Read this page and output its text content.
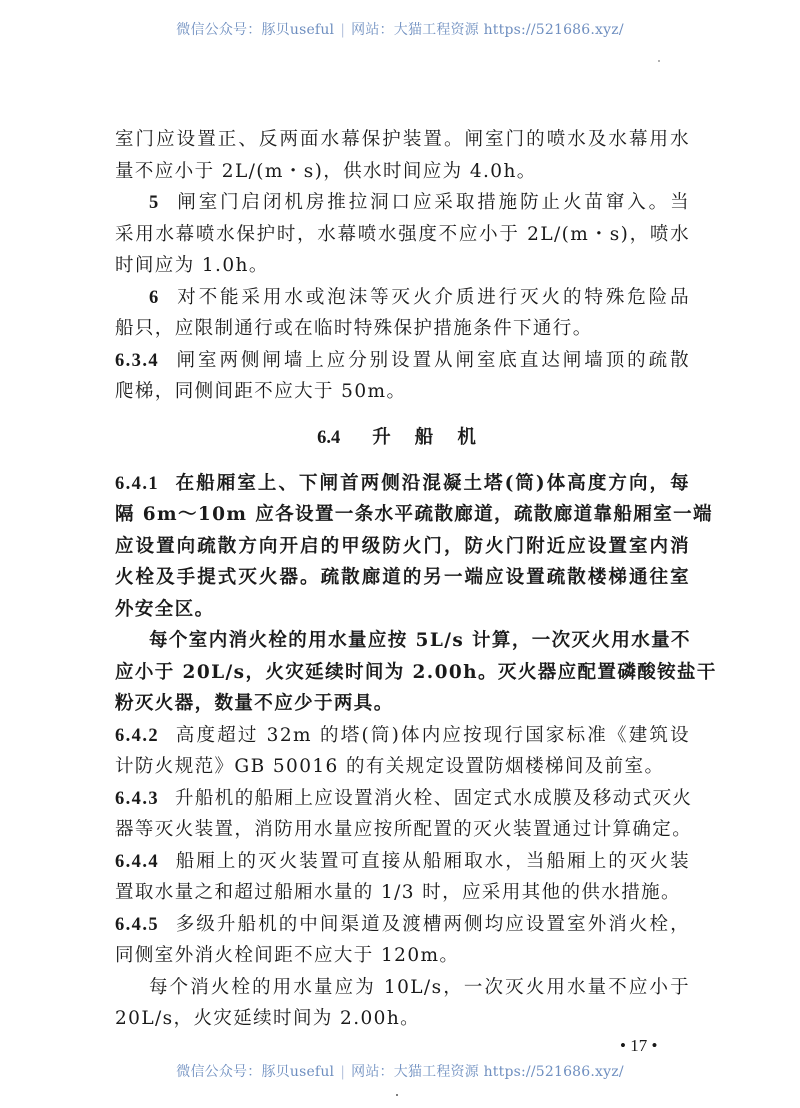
微信公众号：豚贝useful | 网站：大猫工程资源 https://521686.xyz/
室门应设置正、反两面水幕保护装置。闸室门的喷水及水幕用水
量不应小于 2L/(m・s)，供水时间应为 4.0h。
5 闸室门启闭机房推拉洞口应采取措施防止火苗窜入。当
采用水幕喷水保护时，水幕喷水强度不应小于 2L/(m・s)，喷水
时间应为 1.0h。
6 对不能采用水或泡沫等灭火介质进行灭火的特殊危险品
船只，应限制通行或在临时特殊保护措施条件下通行。
6.3.4 闸室两侧闸墙上应分别设置从闸室底直达闸墙顶的疏散
爬梯，同侧间距不应大于 50m。
6.4 升 船 机
6.4.1 在船厢室上、下闸首两侧沿混凝土塔(筒)体高度方向，每
隔 6m～10m 应各设置一条水平疏散廊道，疏散廊道靠船厢室一端
应设置向疏散方向开启的甲级防火门，防火门附近应设置室内消
火栓及手提式灭火器。疏散廊道的另一端应设置疏散楼梯通往室
外安全区。
每个室内消火栓的用水量应按 5L/s 计算，一次灭火用水量不
应小于 20L/s，火灾延续时间为 2.00h。灭火器应配置磷酸铵盐干
粉灭火器，数量不应少于两具。
6.4.2 高度超过 32m 的塔(筒)体内应按现行国家标准《建筑设
计防火规范》GB 50016 的有关规定设置防烟楼梯间及前室。
6.4.3 升船机的船厢上应设置消火栓、固定式水成膜及移动式灭火
器等灭火装置，消防用水量应按所配置的灭火装置通过计算确定。
6.4.4 船厢上的灭火装置可直接从船厢取水，当船厢上的灭火装
置取水量之和超过船厢水量的 1/3 时，应采用其他的供水措施。
6.4.5 多级升船机的中间渠道及渡槽两侧均应设置室外消火栓，
同侧室外消火栓间距不应大于 120m。
每个消火栓的用水量应为 10L/s，一次灭火用水量不应小于
20L/s，火灾延续时间为 2.00h。
• 17 •
微信公众号：豚贝useful | 网站：大猫工程资源 https://521686.xyz/
